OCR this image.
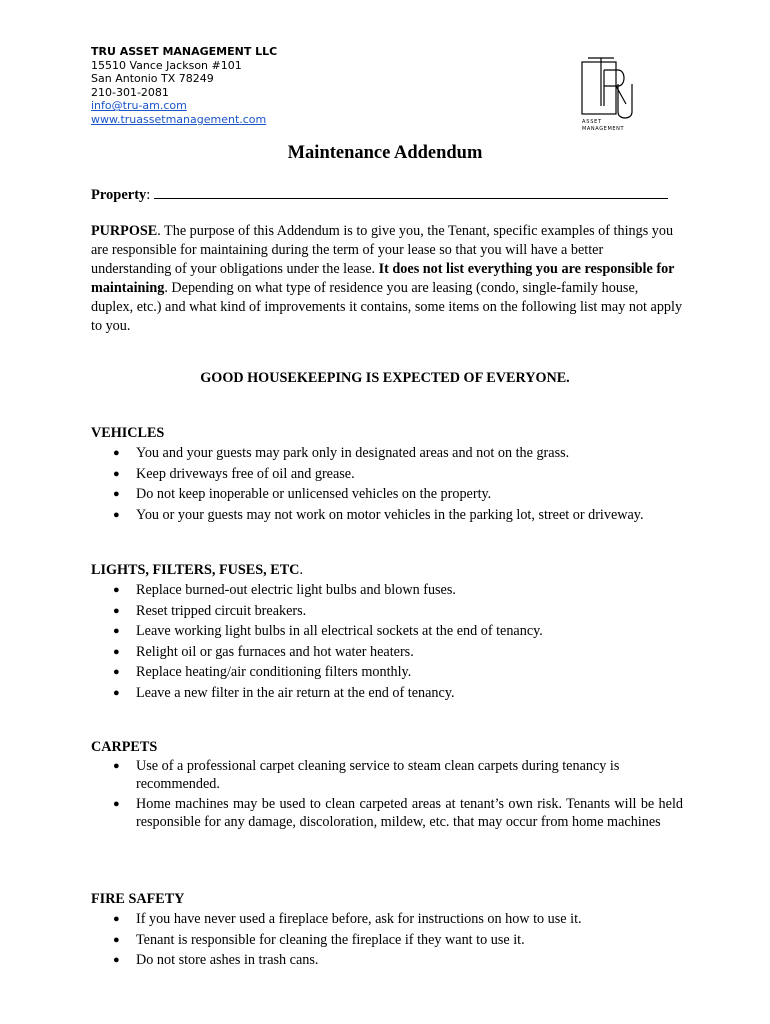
TRU ASSET MANAGEMENT LLC
15510 Vance Jackson #101
San Antonio TX 78249
210-301-2081
info@tru-am.com
www.truassetmanagement.com	ASSET
MANAGEMENT
Maintenance Addendum
Property:
PURPOSE. The purpose of this Addendum is to give you, the Tenant, specific examples of things you are responsible for maintaining during the term of your lease so that you will have a better understanding of your obligations under the lease. It does not list everything you are responsible for maintaining. Depending on what type of residence you are leasing (condo, single-family house, duplex, etc.) and what kind of improvements it contains, some items on the following list may not apply to you.
GOOD HOUSEKEEPING IS EXPECTED OF EVERYONE.
VEHICLES
● You and your guests may park only in designated areas and not on the grass.
● Keep driveways free of oil and grease.
● Do not keep inoperable or unlicensed vehicles on the property.
● You or your guests may not work on motor vehicles in the parking lot, street or driveway.
LIGHTS, FILTERS, FUSES, ETC.
● Replace burned-out electric light bulbs and blown fuses.
● Reset tripped circuit breakers.
● Leave working light bulbs in all electrical sockets at the end of tenancy.
● Relight oil or gas furnaces and hot water heaters.
● Replace heating/air conditioning filters monthly.
● Leave a new filter in the air return at the end of tenancy.
CARPETS
● Use of a professional carpet cleaning service to steam clean carpets during tenancy is recommended.
● Home machines may be used to clean carpeted areas at tenant’s own risk. Tenants will be held responsible for any damage, discoloration, mildew, etc. that may occur from home machines
FIRE SAFETY
● If you have never used a fireplace before, ask for instructions on how to use it.
● Tenant is responsible for cleaning the fireplace if they want to use it.
● Do not store ashes in trash cans.
